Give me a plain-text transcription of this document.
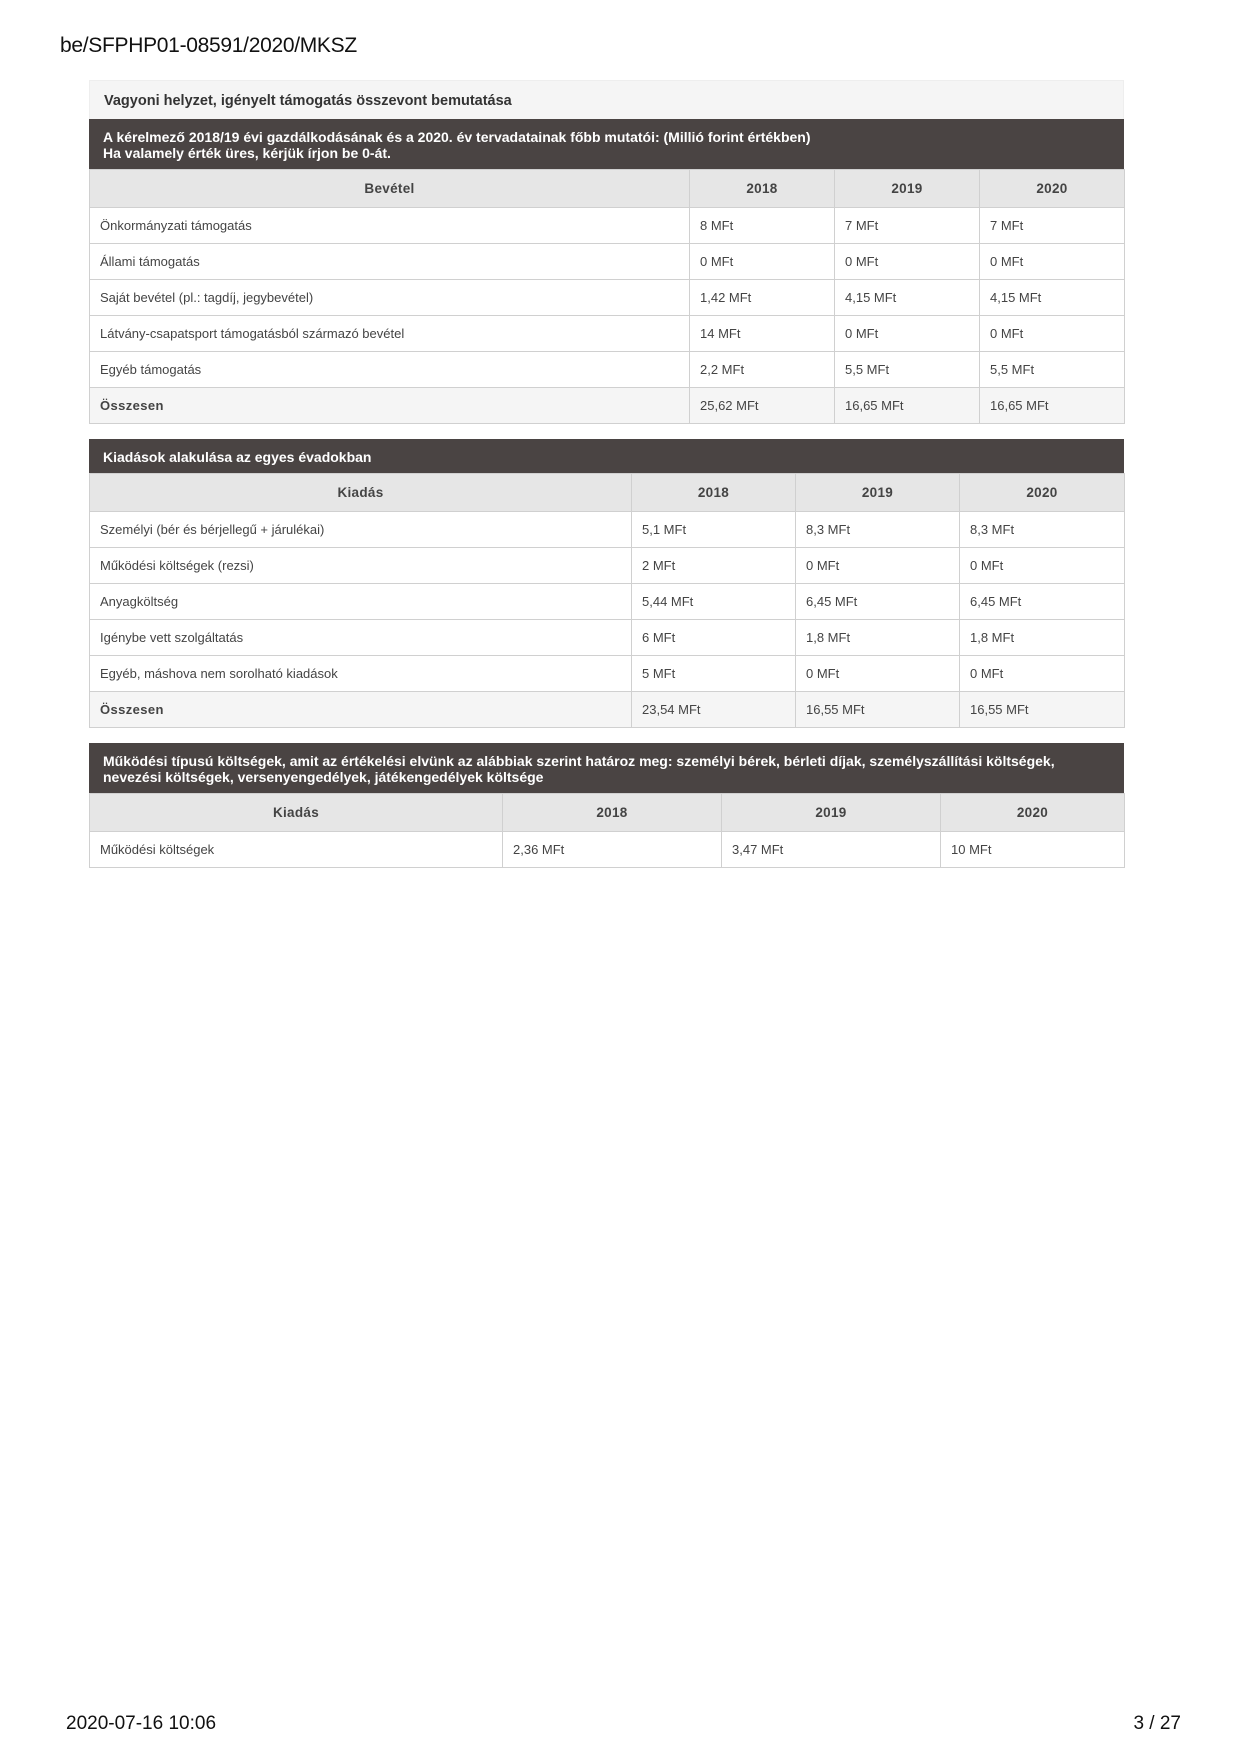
be/SFPHP01-08591/2020/MKSZ
Vagyoni helyzet, igényelt támogatás összevont bemutatása
A kérelmező 2018/19 évi gazdálkodásának és a 2020. év tervadatainak főbb mutatói: (Millió forint értékben)
Ha valamely érték üres, kérjük írjon be 0-át.
Bevétel	2018	2019	2020
Önkormányzati támogatás	8 MFt	7 MFt	7 MFt
Állami támogatás	0 MFt	0 MFt	0 MFt
Saját bevétel (pl.: tagdíj, jegybevétel)	1,42 MFt	4,15 MFt	4,15 MFt
Látvány-csapatsport támogatásból származó bevétel	14 MFt	0 MFt	0 MFt
Egyéb támogatás	2,2 MFt	5,5 MFt	5,5 MFt
Összesen	25,62 MFt	16,65 MFt	16,65 MFt
Kiadások alakulása az egyes évadokban
Kiadás	2018	2019	2020
Személyi (bér és bérjellegű + járulékai)	5,1 MFt	8,3 MFt	8,3 MFt
Működési költségek (rezsi)	2 MFt	0 MFt	0 MFt
Anyagköltség	5,44 MFt	6,45 MFt	6,45 MFt
Igénybe vett szolgáltatás	6 MFt	1,8 MFt	1,8 MFt
Egyéb, máshova nem sorolható kiadások	5 MFt	0 MFt	0 MFt
Összesen	23,54 MFt	16,55 MFt	16,55 MFt
Működési típusú költségek, amit az értékelési elvünk az alábbiak szerint határoz meg: személyi bérek, bérleti díjak, személyszállítási költségek,
nevezési költségek, versenyengedélyek, játékengedélyek költsége
Kiadás	2018	2019	2020
Működési költségek	2,36 MFt	3,47 MFt	10 MFt
2020-07-16 10:06	3 / 27
